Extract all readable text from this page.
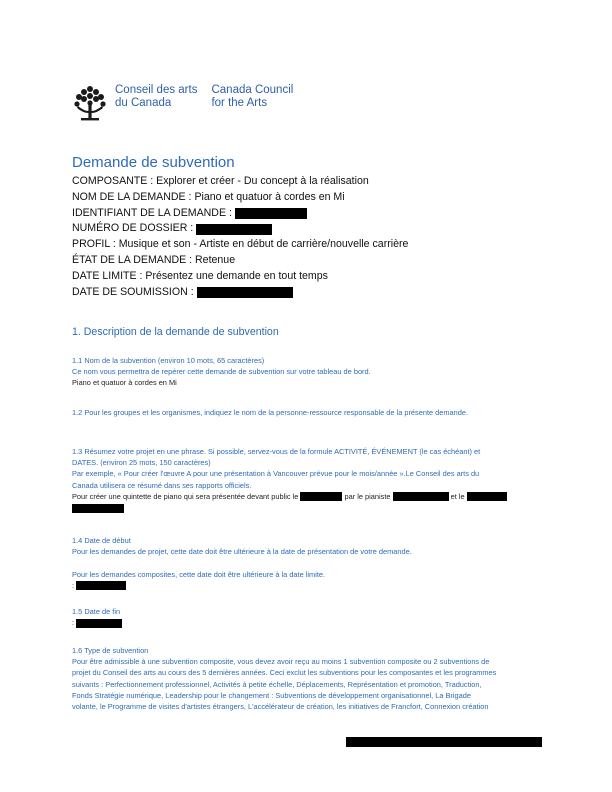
Conseil des arts
du Canada
Canada Council
for the Arts
Demande de subvention
COMPOSANTE : Explorer et créer - Du concept à la réalisation
NOM DE LA DEMANDE : Piano et quatuor à cordes en Mi
IDENTIFIANT DE LA DEMANDE :
NUMÉRO DE DOSSIER :
PROFIL : Musique et son - Artiste en début de carrière/nouvelle carrière
ÉTAT DE LA DEMANDE : Retenue
DATE LIMITE : Présentez une demande en tout temps
DATE DE SOUMISSION :
1. Description de la demande de subvention
1.1 Nom de la subvention (environ 10 mots, 65 caractères)
Ce nom vous permettra de repérer cette demande de subvention sur votre tableau de bord.
Piano et quatuor à cordes en Mi
1.2 Pour les groupes et les organismes, indiquez le nom de la personne-ressource responsable de la présente demande.
1.3 Résumez votre projet en une phrase. Si possible, servez-vous de la formule ACTIVITÉ, ÉVÉNEMENT (le cas échéant) et
DATES. (environ 25 mots, 150 caractères)
Par exemple, « Pour créer l'œuvre A pour une présentation à Vancouver prévue pour le mois/année ».Le Conseil des arts du
Canada utilisera ce résumé dans ses rapports officiels.
Pour créer une quintette de piano qui sera présentée devant public le	par le pianiste	et le
1.4 Date de début
Pour les demandes de projet, cette date doit être ultérieure à la date de présentation de votre demande.

Pour les demandes composites, cette date doit être ultérieure à la date limite.
:
1.5 Date de fin
:
1.6 Type de subvention
Pour être admissible à une subvention composite, vous devez avoir reçu au moins 1 subvention composite ou 2 subventions de
projet du Conseil des arts au cours des 5 dernières années. Ceci exclut les subventions pour les composantes et les programmes
suivants : Perfectionnement professionnel, Activités à petite échelle, Déplacements, Représentation et promotion, Traduction,
Fonds Stratégie numérique, Leadership pour le changement : Subventions de développement organisationnel, La Brigade
volante, le Programme de visites d'artistes étrangers, L'accélérateur de création, les initiatives de Francfort, Connexion création
